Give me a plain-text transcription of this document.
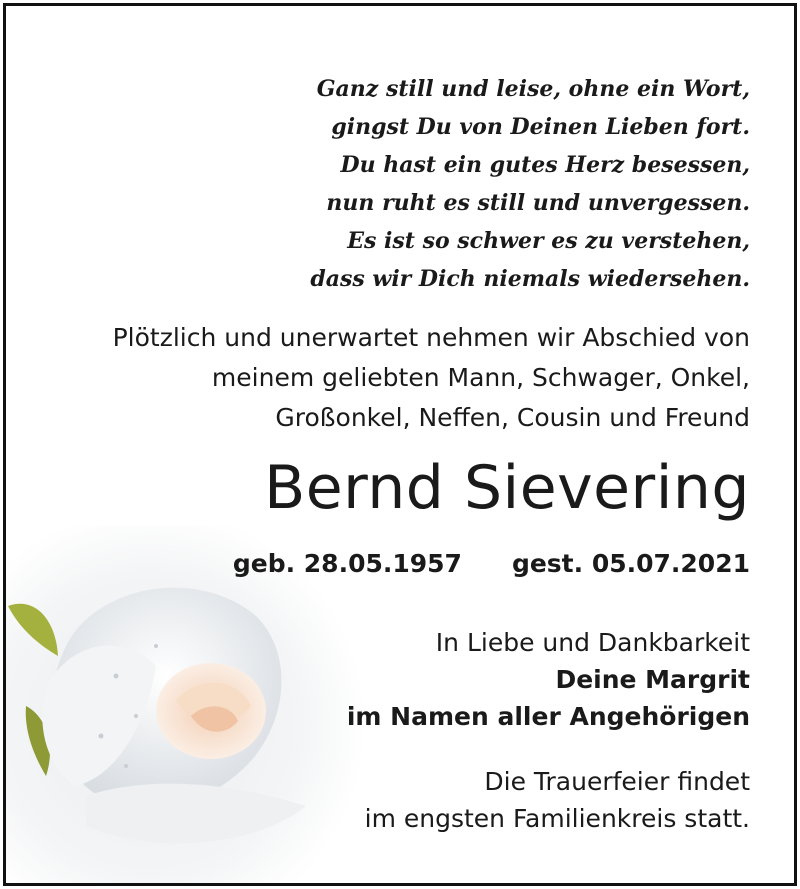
Ganz still und leise, ohne ein Wort,
gingst Du von Deinen Lieben fort.
Du hast ein gutes Herz besessen,
nun ruht es still und unvergessen.
Es ist so schwer es zu verstehen,
dass wir Dich niemals wiedersehen.
Plötzlich und unerwartet nehmen wir Abschied von
meinem geliebten Mann, Schwager, Onkel,
Großonkel, Neffen, Cousin und Freund
Bernd Sievering
geb. 28.05.1957 gest. 05.07.2021
In Liebe und Dankbarkeit
Deine Margrit
im Namen aller Angehörigen
Die Trauerfeier findet
im engsten Familienkreis statt.
